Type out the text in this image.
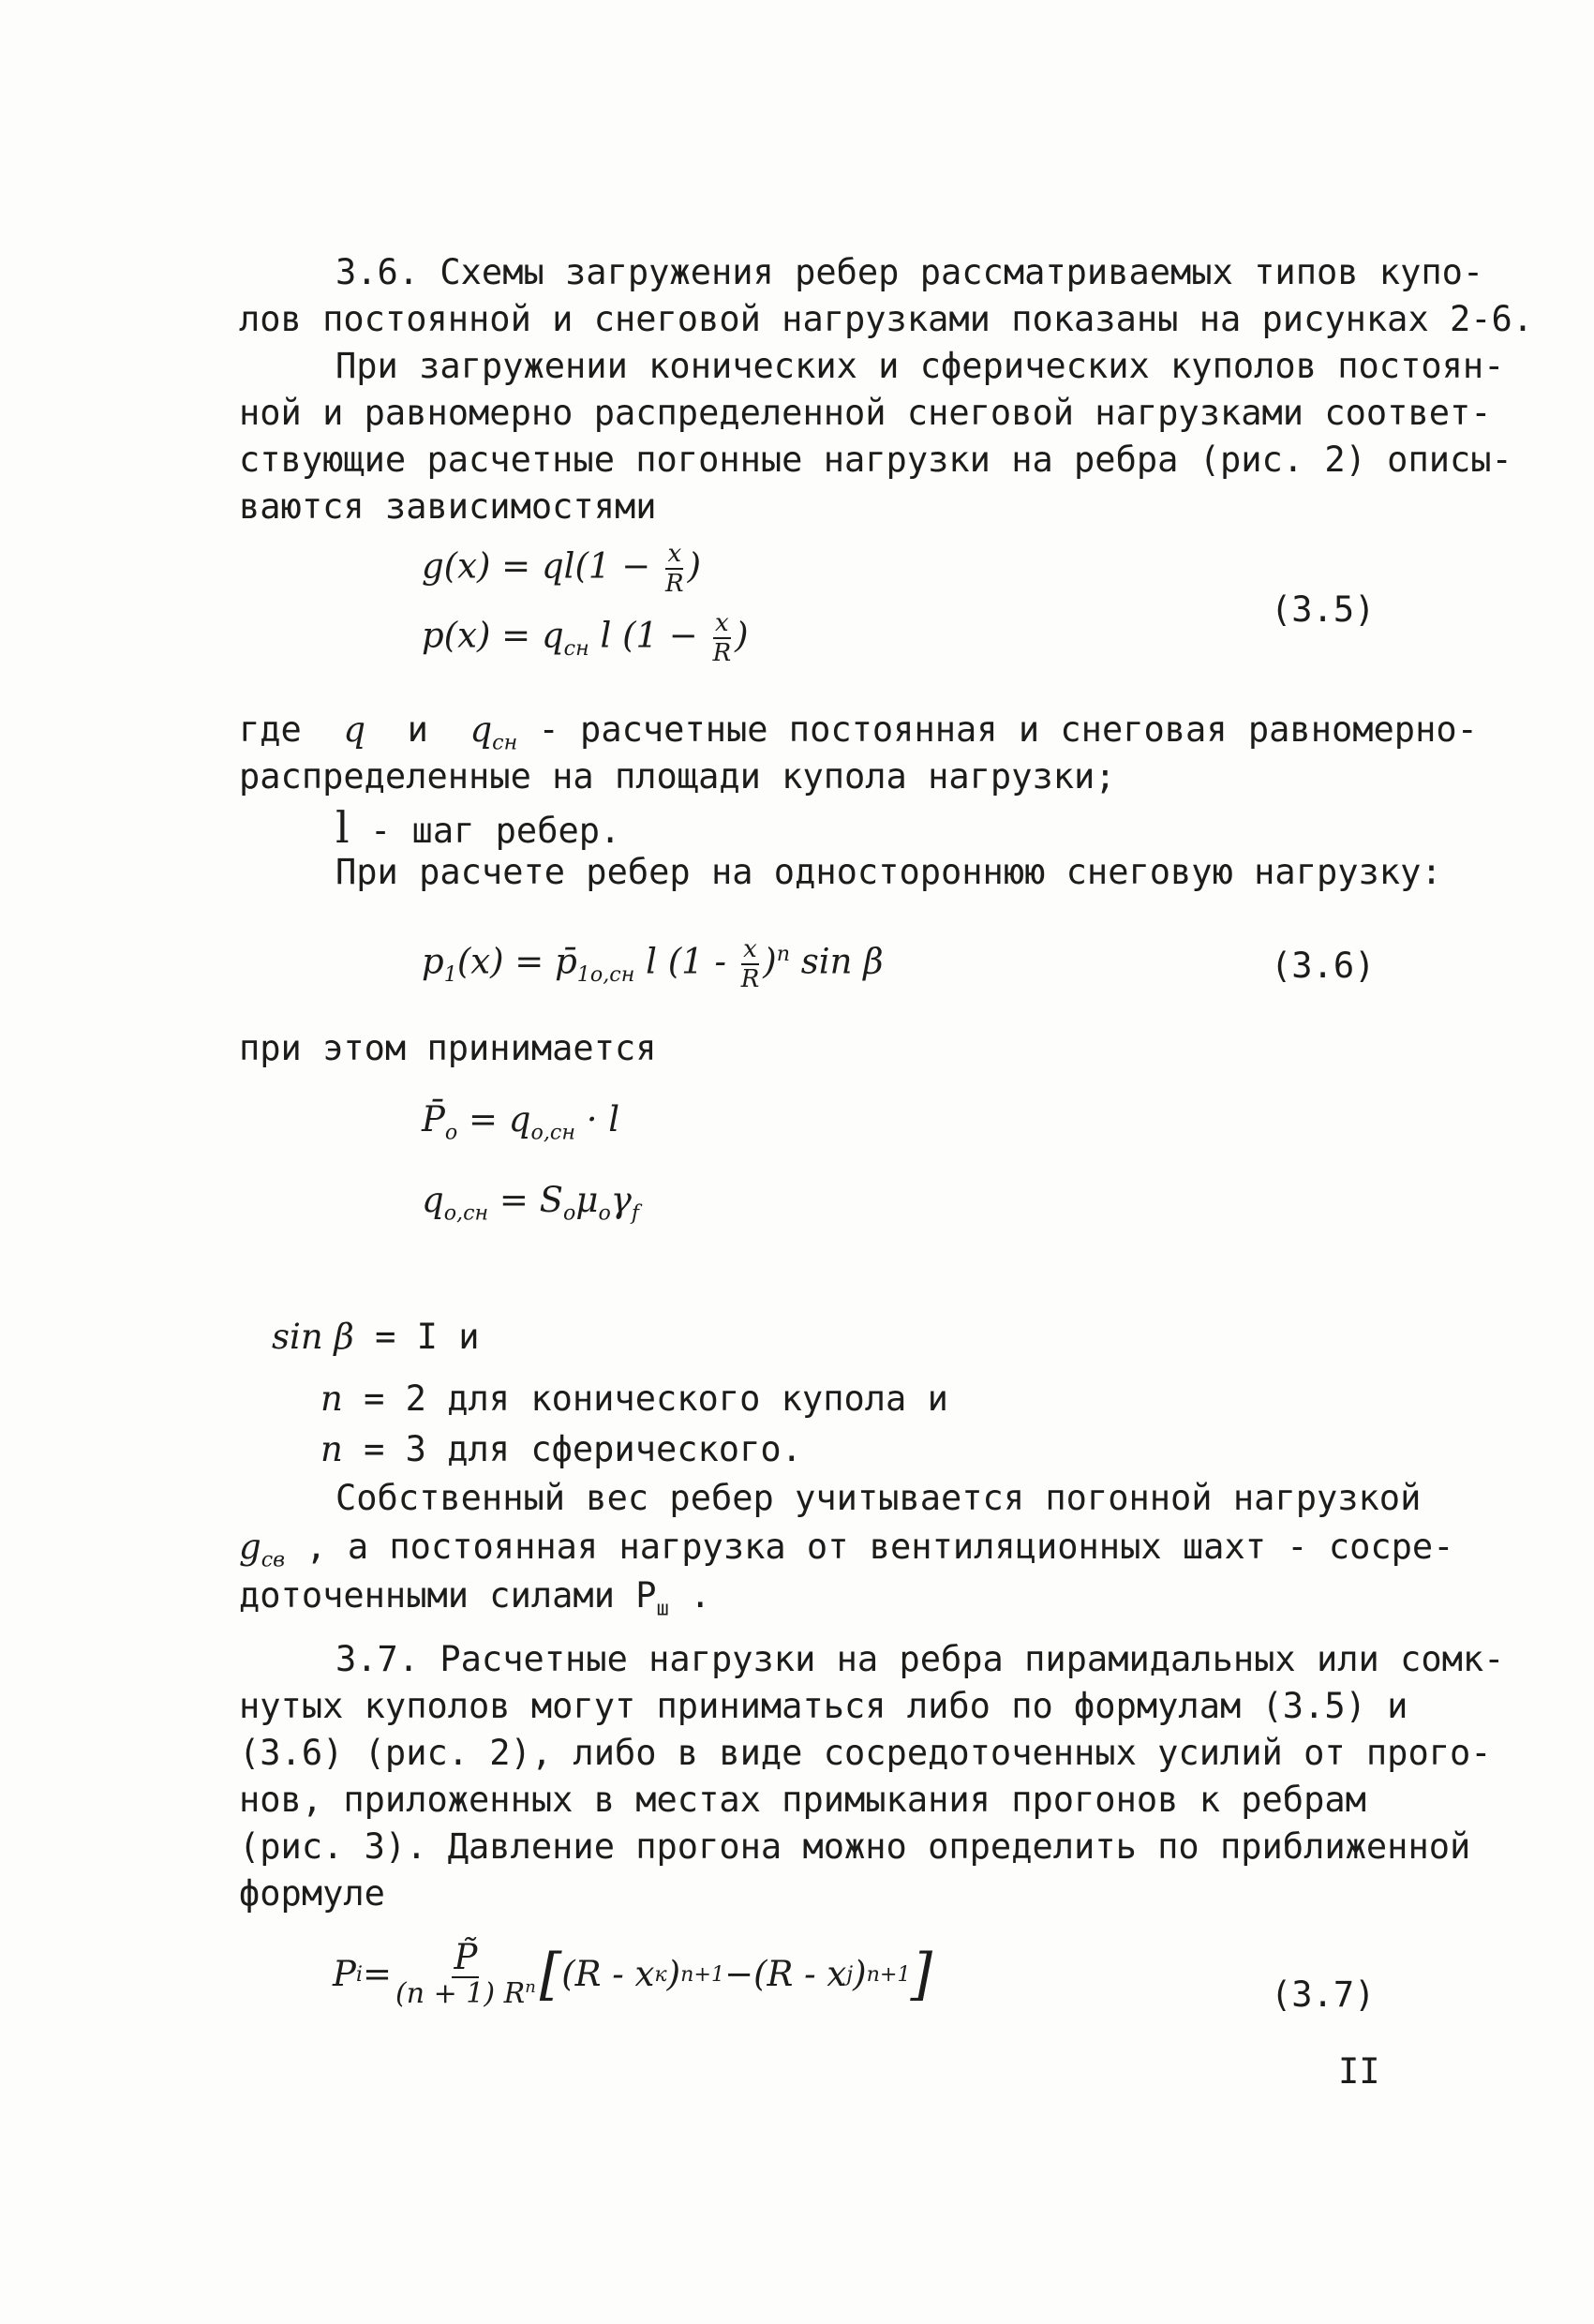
3.6. Схемы загружения ребер рассматриваемых типов купо-
лов постоянной и снеговой нагрузками показаны на рисунках 2-6.
При загружении конических и сферических куполов постоян-
ной и равномерно распределенной снеговой нагрузками соответ-
ствующие расчетные погонные нагрузки на ребра (рис. 2) описы-
ваются зависимостями
$g(x) = ql(1 - \frac{x}{R}$ )
$p(x) = q_{сн}$ l ($1 - \frac{x}{R}$ )
(3.5)
где q и $q_{сн}$ - расчетные постоянная и снеговая равномерно-
распределенные на площади купола нагрузки;
l - шаг ребер.
При расчете ребер на одностороннюю снеговую нагрузку:
$p_1(x)$ = $p̄_{1o,сн}$ l $(1 - \frac{x}{R} )^n$ sin β	(3.6)
при этом принимается
$P̄_o = q_{o,сн} \cdot l$
$q_{o,сн} = S_o\mu_o\gamma_f$
sin β = I и
n = 2 для конического купола и
n = 3 для сферического.
Собственный вес ребер учитывается погонной нагрузкой
$g_{св}$ , а постоянная нагрузка от вентиляционных шахт - сосре-
доточенными силами $P_ш$ .
3.7. Расчетные нагрузки на ребра пирамидальных или сомк-
нутых куполов могут приниматься либо по формулам (3.5) и
(3.6) (рис. 2), либо в виде сосредоточенных усилий от прого-
нов, приложенных в местах примыкания прогонов к ребрам
(рис. 3). Давление прогона можно определить по приближенной
формуле
P $i = \frac{P̃}{(n + 1) R^n}$ [ (R - x к ) n+1 − (R - x j ) n+1 ]	(3.7)
II
